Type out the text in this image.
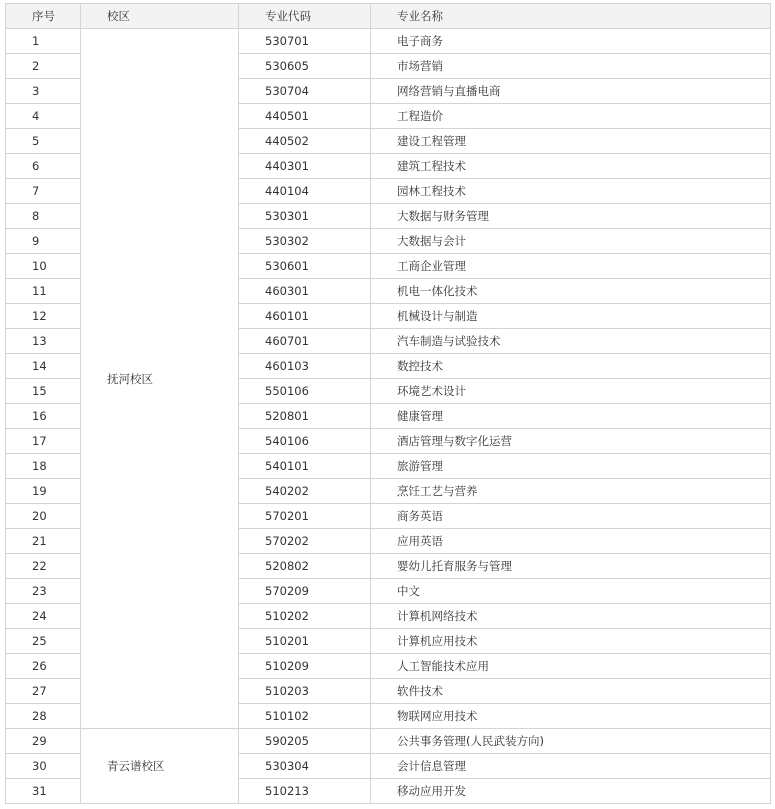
序号	校区	专业代码	专业名称
1	抚河校区	530701	电子商务
2		530605	市场营销
3		530704	网络营销与直播电商
4		440501	工程造价
5		440502	建设工程管理
6		440301	建筑工程技术
7		440104	园林工程技术
8		530301	大数据与财务管理
9		530302	大数据与会计
10		530601	工商企业管理
11		460301	机电一体化技术
12		460101	机械设计与制造
13		460701	汽车制造与试验技术
14		460103	数控技术
15		550106	环境艺术设计
16		520801	健康管理
17		540106	酒店管理与数字化运营
18		540101	旅游管理
19		540202	烹饪工艺与营养
20		570201	商务英语
21		570202	应用英语
22		520802	婴幼儿托育服务与管理
23		570209	中文
24		510202	计算机网络技术
25		510201	计算机应用技术
26		510209	人工智能技术应用
27		510203	软件技术
28		510102	物联网应用技术
29	青云谱校区	590205	公共事务管理(人民武装方向)
30		530304	会计信息管理
31		510213	移动应用开发
